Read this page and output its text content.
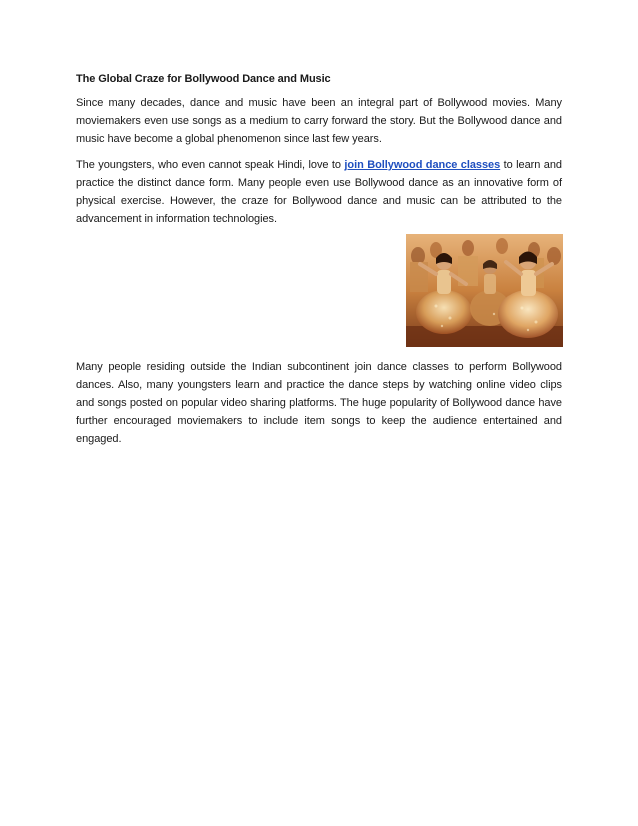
The Global Craze for Bollywood Dance and Music

Since many decades, dance and music have been an integral part of Bollywood movies. Many moviemakers even use songs as a medium to carry forward the story. But the Bollywood dance and music have become a global phenomenon since last few years.

The youngsters, who even cannot speak Hindi, love to join Bollywood dance classes to learn and practice the distinct dance form. Many people even use Bollywood dance as an innovative form of physical exercise. However, the craze for Bollywood dance and music can be attributed to the advancement in information technologies.

Many people residing outside the Indian subcontinent join dance classes to perform Bollywood dances. Also, many youngsters learn and practice the dance steps by watching online video clips and songs posted on popular video sharing platforms. The huge popularity of Bollywood dance have further encouraged moviemakers to include item songs to keep the audience entertained and engaged.
